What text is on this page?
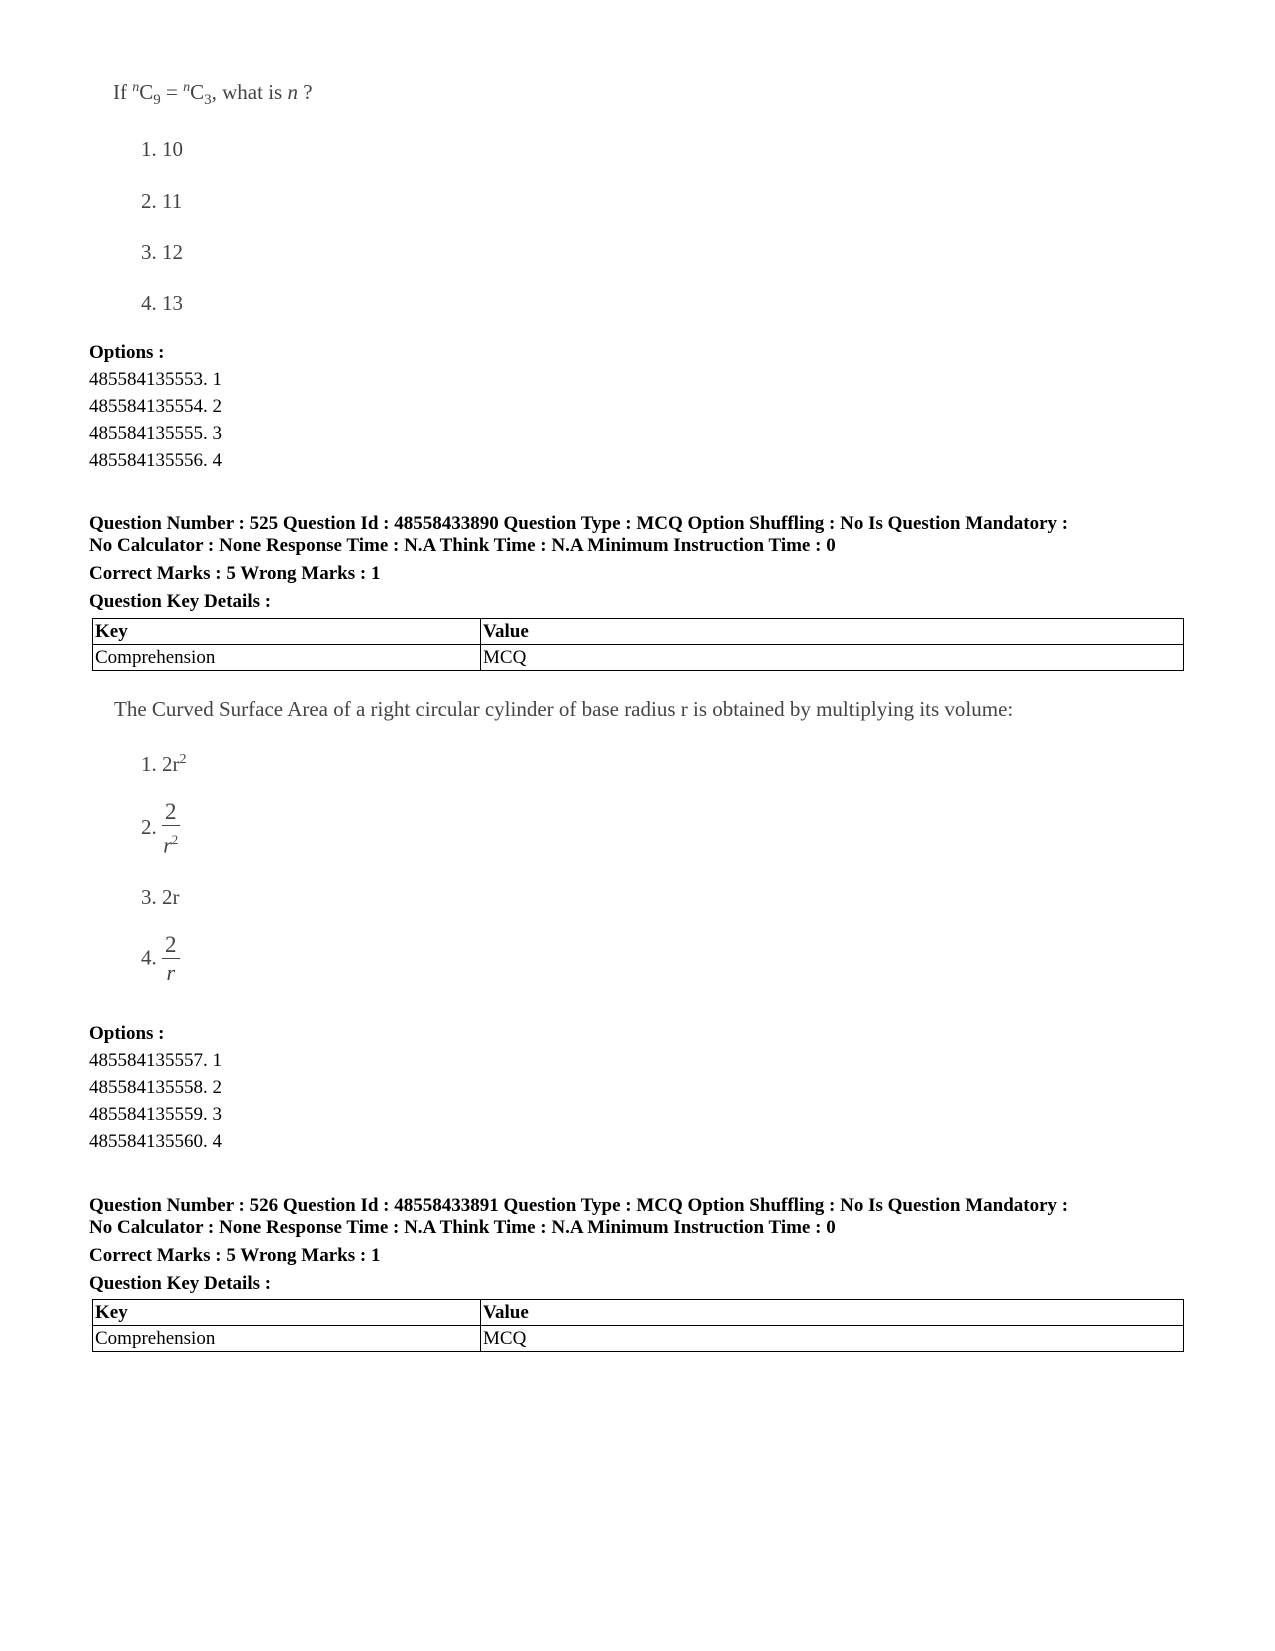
If $^nC_9 = ^nC_3$, what is n ?
1. 10
2. 11
3. 12
4. 13
Options :
485584135553. 1
485584135554. 2
485584135555. 3
485584135556. 4
Question Number : 525 Question Id : 48558433890 Question Type : MCQ Option Shuffling : No Is Question Mandatory :
No Calculator : None Response Time : N.A Think Time : N.A Minimum Instruction Time : 0
Correct Marks : 5 Wrong Marks : 1
Question Key Details :
Key	Value
Comprehension	MCQ
The Curved Surface Area of a right circular cylinder of base radius r is obtained by multiplying its volume:
1. $2r^2$
2. $\frac{2}{r^2}$
3. 2r
4. $\frac{2}{r}$
Options :
485584135557. 1
485584135558. 2
485584135559. 3
485584135560. 4
Question Number : 526 Question Id : 48558433891 Question Type : MCQ Option Shuffling : No Is Question Mandatory :
No Calculator : None Response Time : N.A Think Time : N.A Minimum Instruction Time : 0
Correct Marks : 5 Wrong Marks : 1
Question Key Details :
Key	Value
Comprehension	MCQ
